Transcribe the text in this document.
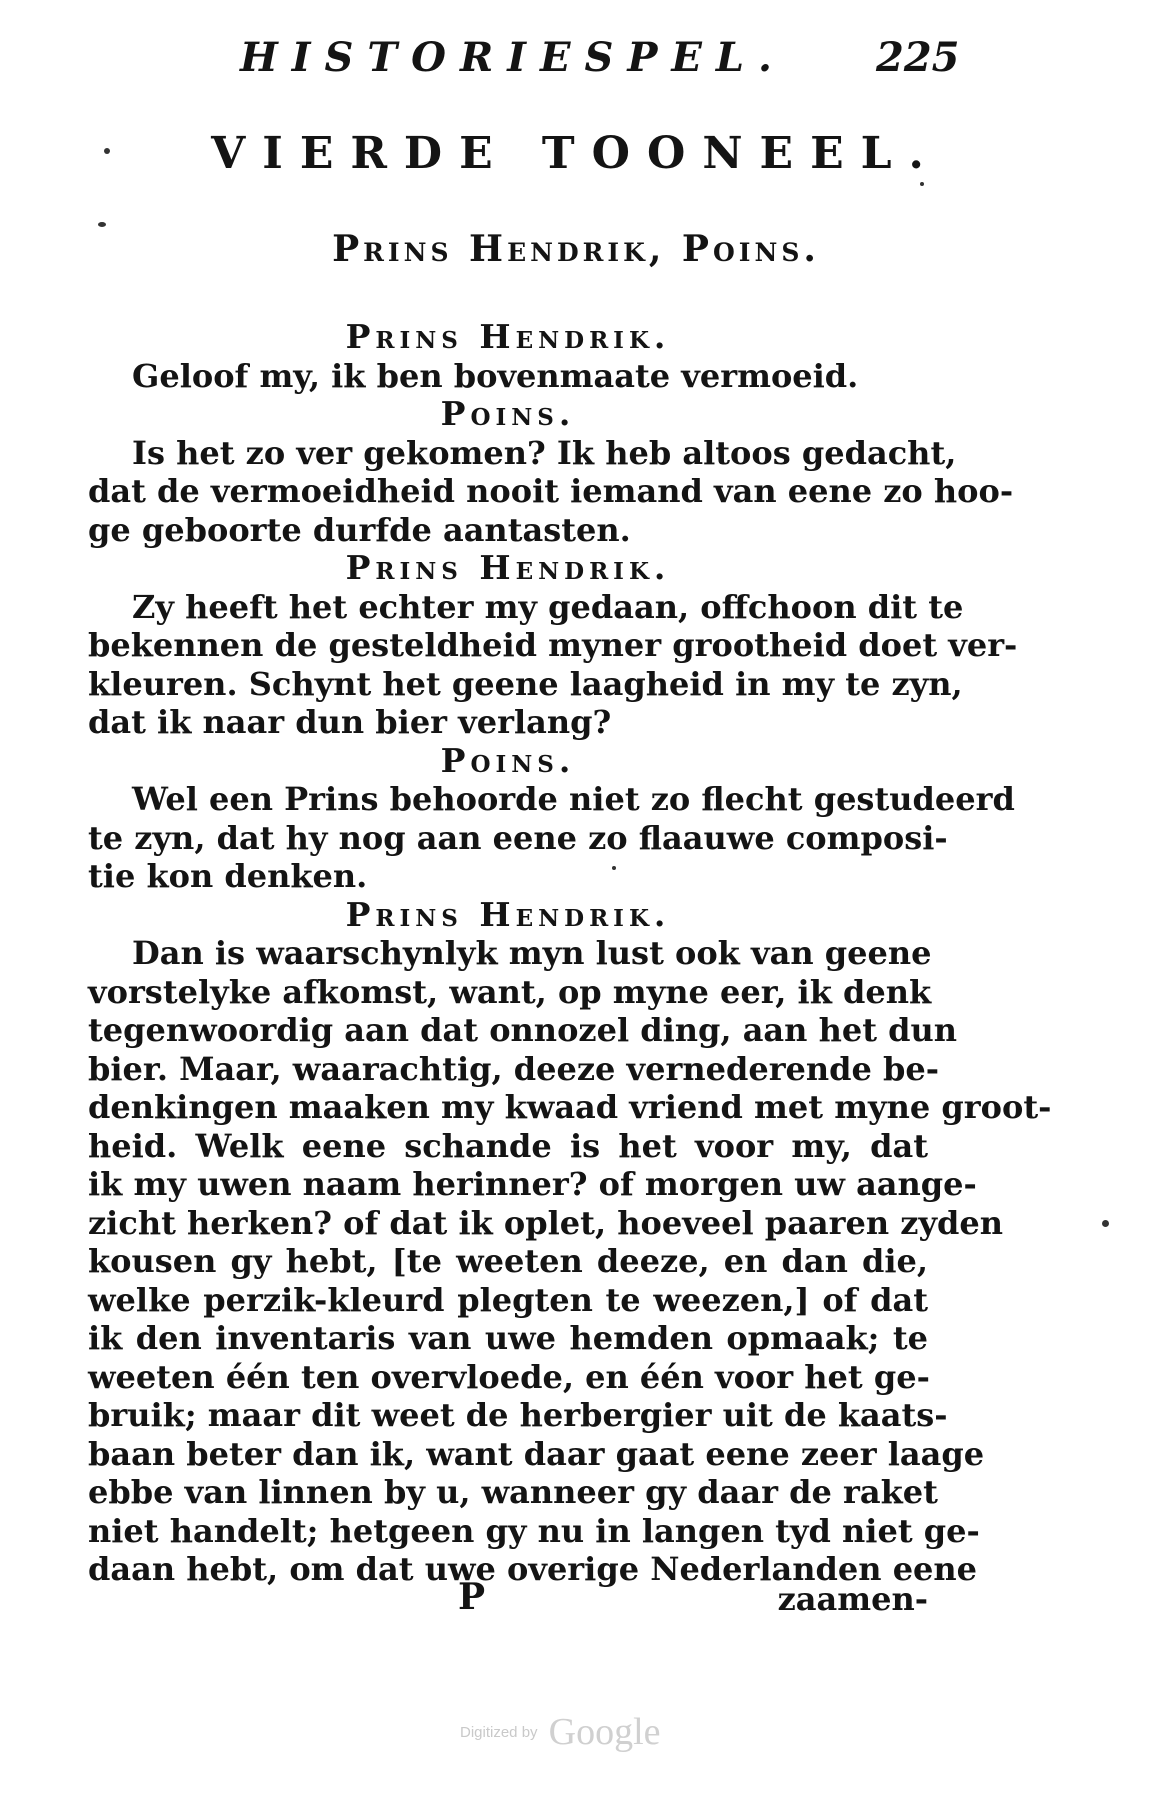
HISTORIESPEL. 225
VIERDE TOONEEL.
Prins Hendrik, Poins.
Prins Hendrik.
Geloof my, ik ben bovenmaate vermoeid.
Poins.
Is het zo ver gekomen? Ik heb altoos gedacht,
dat de vermoeidheid nooit iemand van eene zo hoo-
ge geboorte durfde aantasten.
Prins Hendrik.
Zy heeft het echter my gedaan, offchoon dit te
bekennen de gesteldheid myner grootheid doet ver-
kleuren. Schynt het geene laagheid in my te zyn,
dat ik naar dun bier verlang?
Poins.
Wel een Prins behoorde niet zo flecht gestudeerd
te zyn, dat hy nog aan eene zo flaauwe composi-
tie kon denken.
Prins Hendrik.
Dan is waarschynlyk myn lust ook van geene
vorstelyke afkomst, want, op myne eer, ik denk
tegenwoordig aan dat onnozel ding, aan het dun
bier. Maar, waarachtig, deeze vernederende be-
denkingen maaken my kwaad vriend met myne groot-
heid. Welk eene schande is het voor my, dat
ik my uwen naam herinner? of morgen uw aange-
zicht herken? of dat ik oplet, hoeveel paaren zyden
kousen gy hebt, [te weeten deeze, en dan die,
welke perzik-kleurd plegten te weezen,] of dat
ik den inventaris van uwe hemden opmaak; te
weeten één ten overvloede, en één voor het ge-
bruik; maar dit weet de herbergier uit de kaats-
baan beter dan ik, want daar gaat eene zeer laage
ebbe van linnen by u, wanneer gy daar de raket
niet handelt; hetgeen gy nu in langen tyd niet ge-
daan hebt, om dat uwe overige Nederlanden eene
P	zaamen-
Digitized by Google
